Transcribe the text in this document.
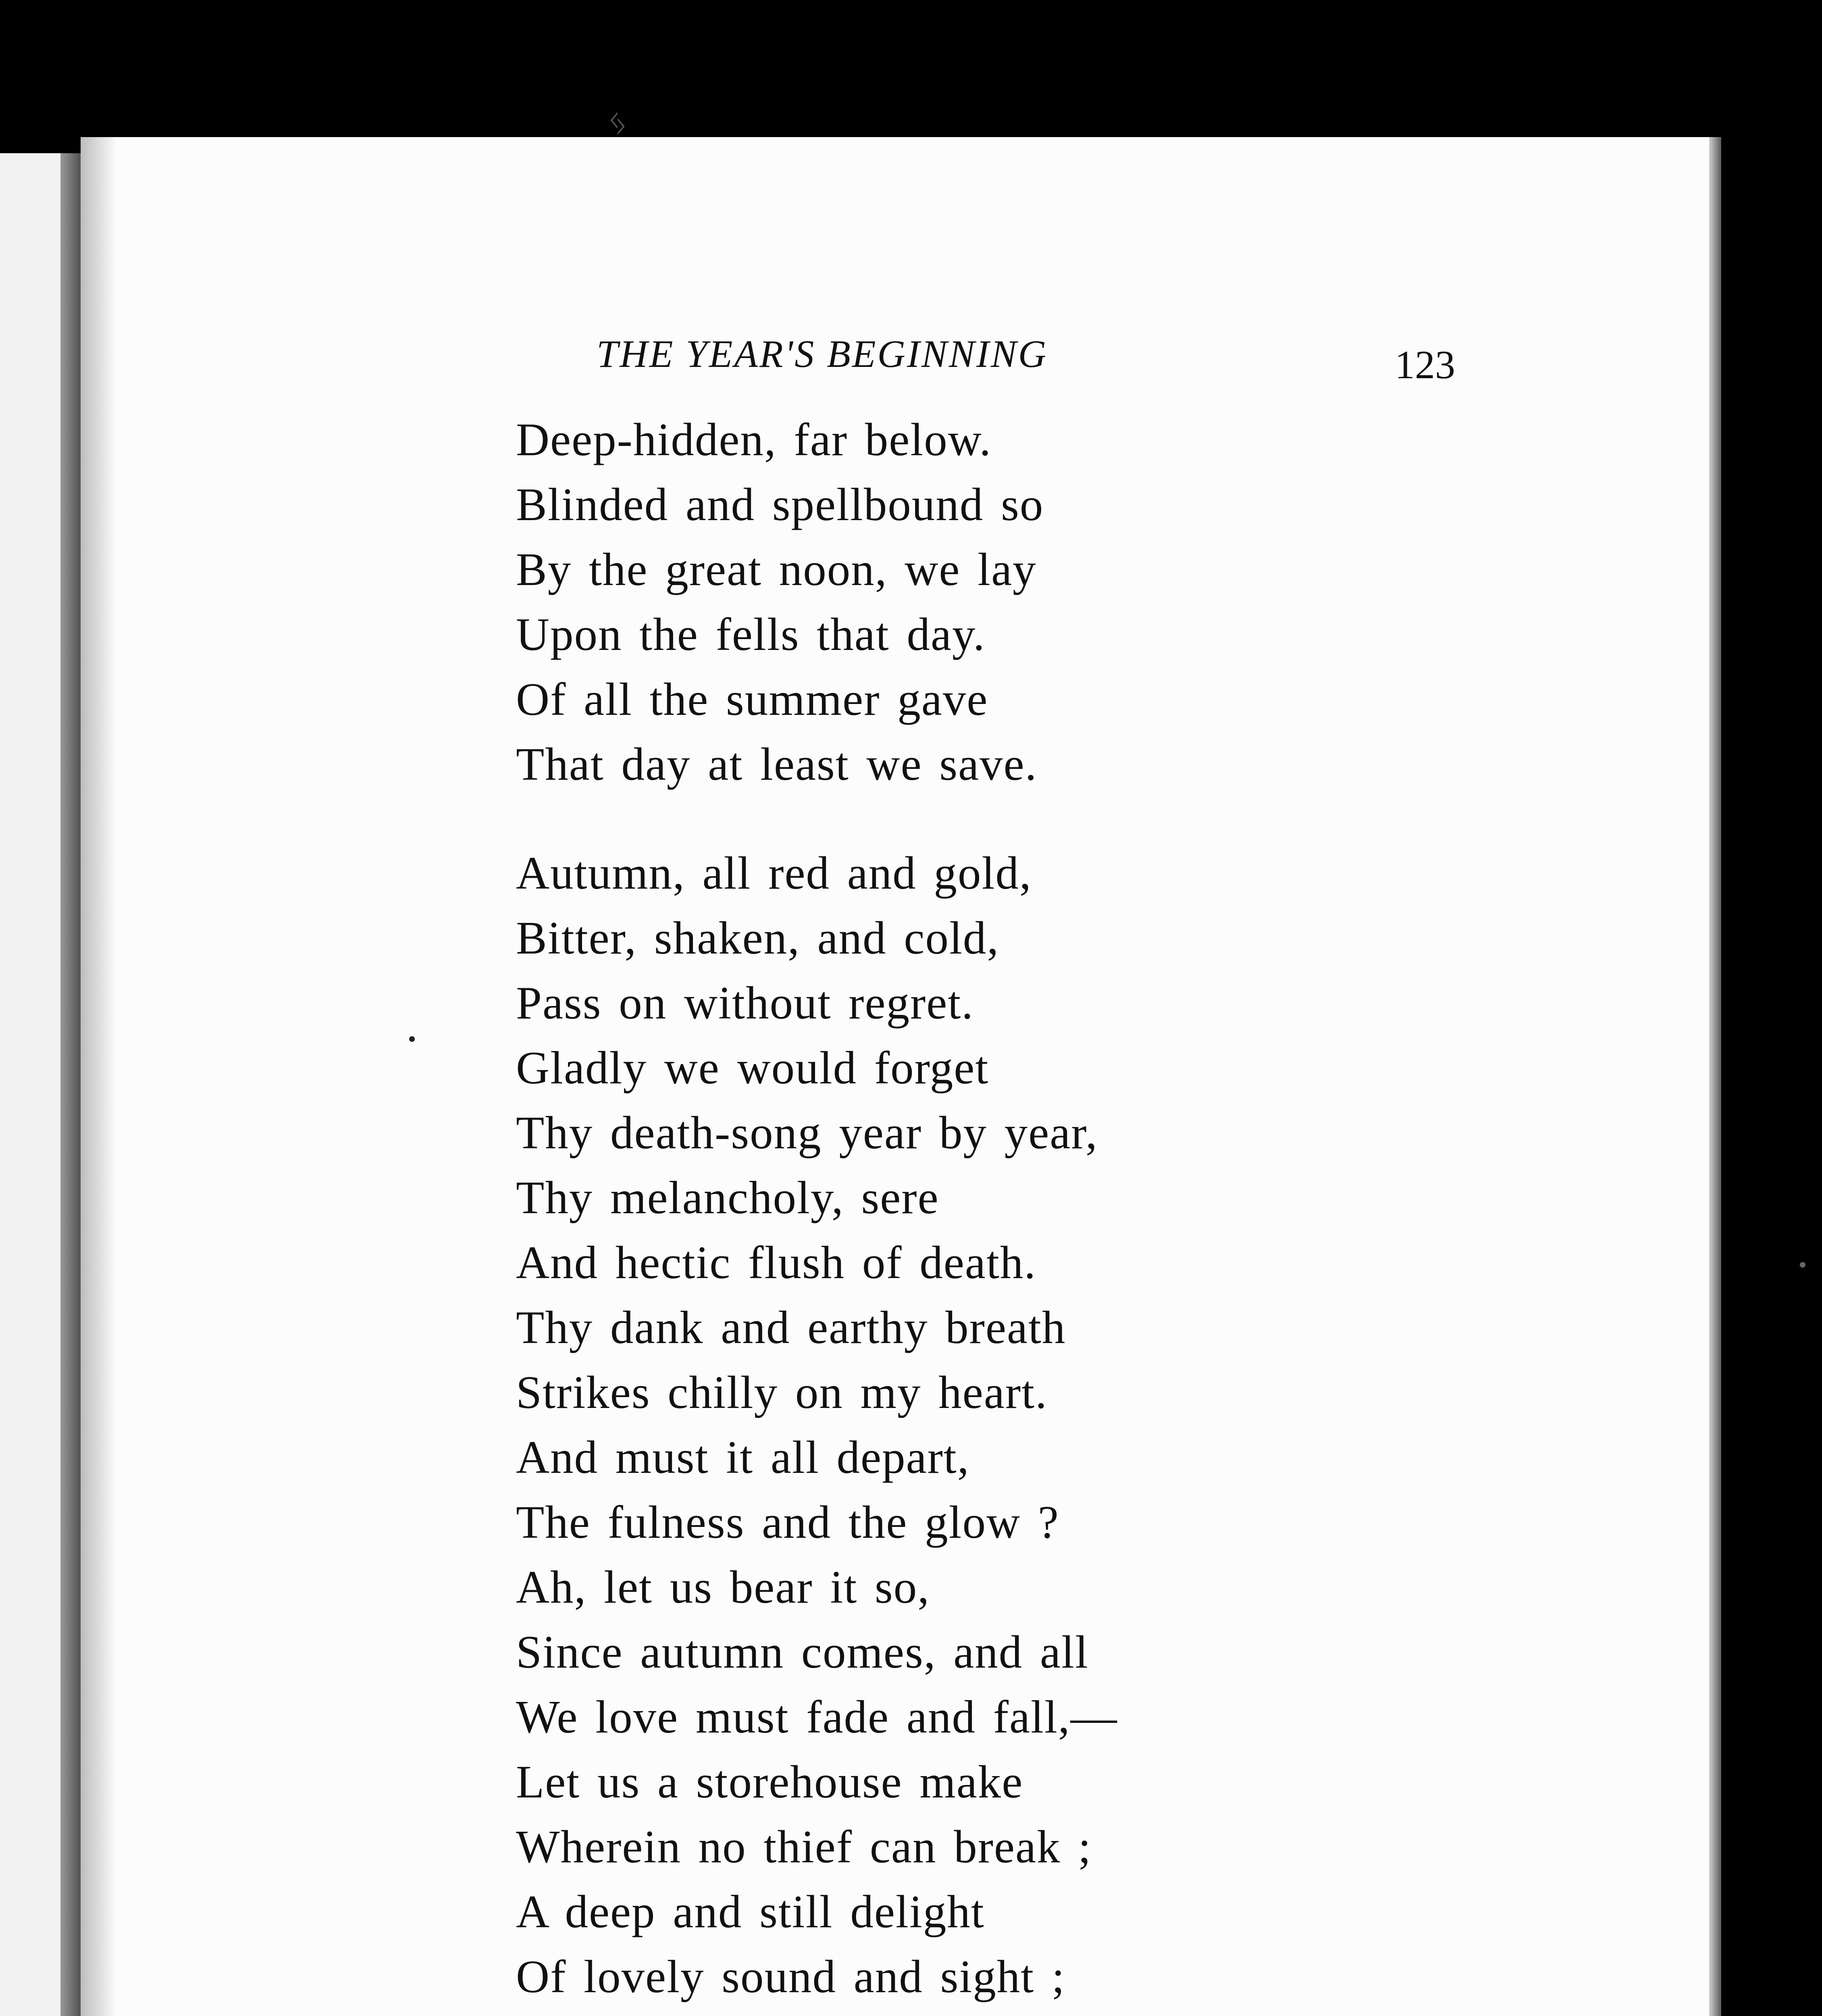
ᛃ
THE YEAR'S BEGINNING	123
Deep-hidden, far below.
Blinded and spellbound so
By the great noon, we lay
Upon the fells that day.
Of all the summer gave
That day at least we save.
Autumn, all red and gold,
Bitter, shaken, and cold,
Pass on without regret.
Gladly we would forget
Thy death-song year by year,
Thy melancholy, sere
And hectic flush of death.
Thy dank and earthy breath
Strikes chilly on my heart.
And must it all depart,
The fulness and the glow ?
Ah, let us bear it so,
Since autumn comes, and all
We love must fade and fall,—
Let us a storehouse make
Wherein no thief can break ;
A deep and still delight
Of lovely sound and sight ;
